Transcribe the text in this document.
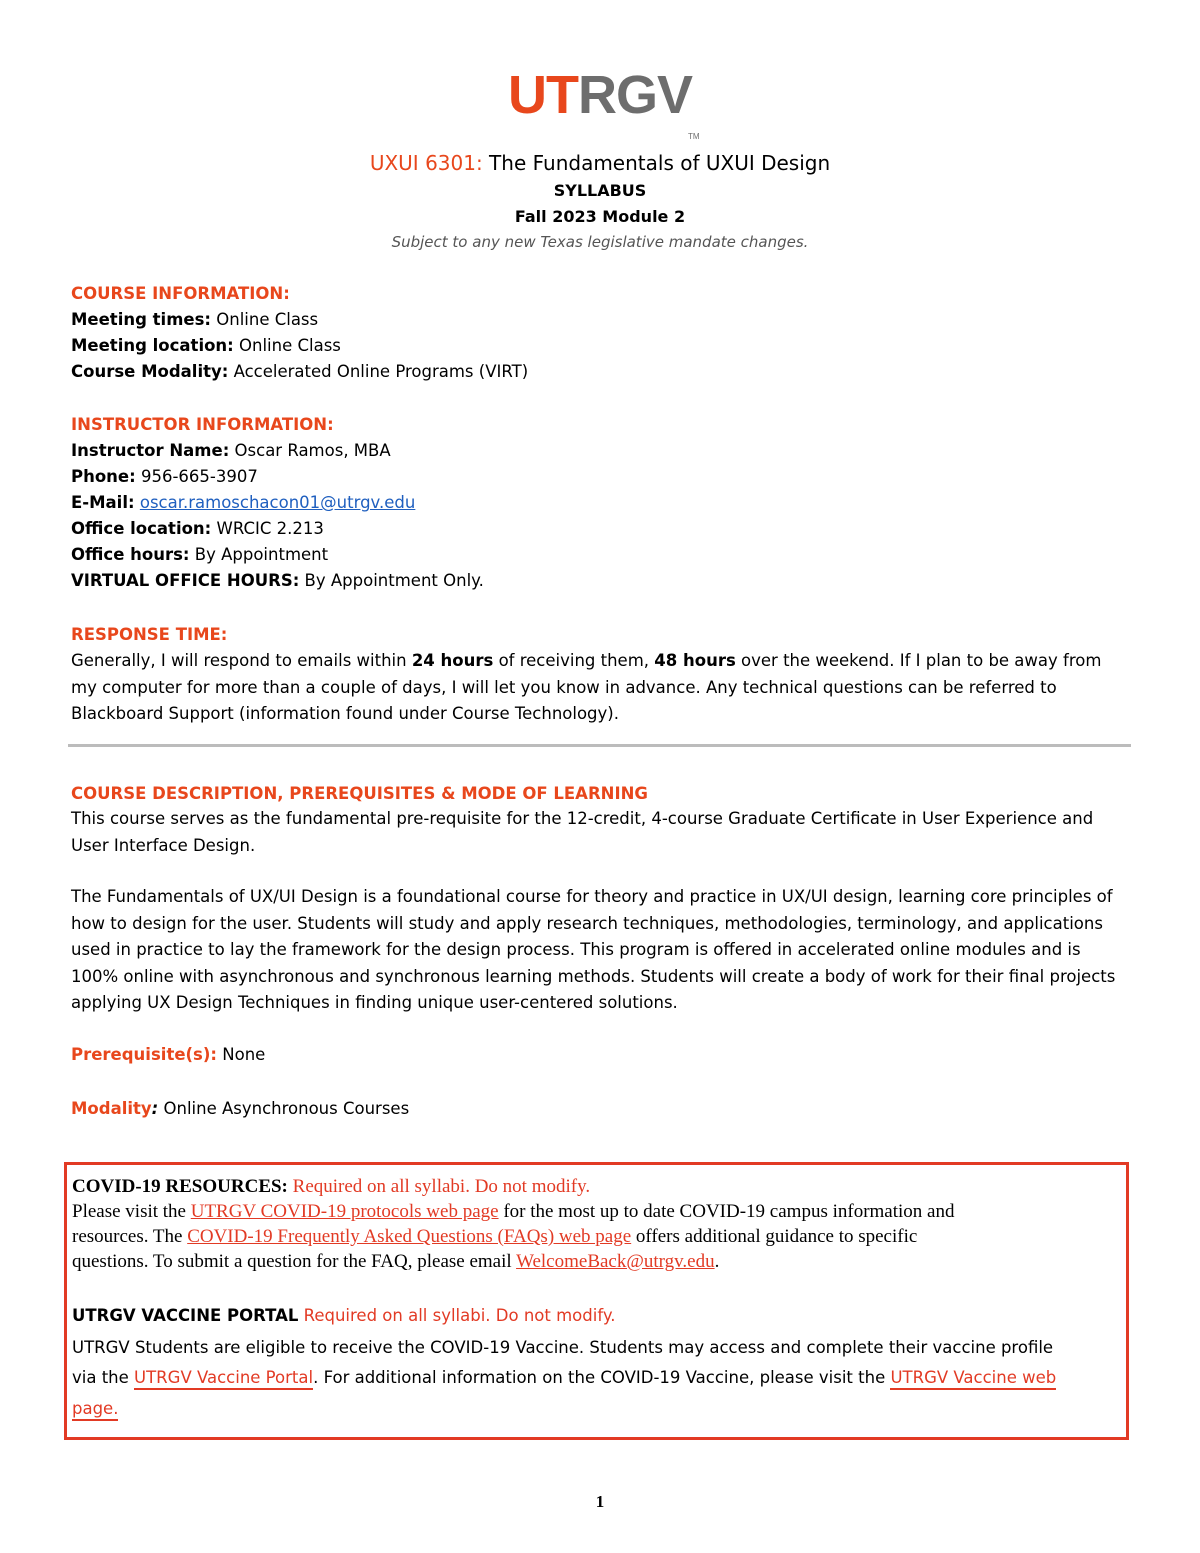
UTRGV
TM
UXUI 6301: The Fundamentals of UXUI Design
SYLLABUS
Fall 2023 Module 2
Subject to any new Texas legislative mandate changes.
COURSE INFORMATION:
Meeting times: Online Class
Meeting location: Online Class
Course Modality: Accelerated Online Programs (VIRT)
INSTRUCTOR INFORMATION:
Instructor Name: Oscar Ramos, MBA
Phone: 956-665-3907
E-Mail: oscar.ramoschacon01@utrgv.edu
Office location: WRCIC 2.213
Office hours: By Appointment
VIRTUAL OFFICE HOURS: By Appointment Only.
RESPONSE TIME:
Generally, I will respond to emails within 24 hours of receiving them, 48 hours over the weekend. If I plan to be away from my computer for more than a couple of days, I will let you know in advance. Any technical questions can be referred to Blackboard Support (information found under Course Technology).
COURSE DESCRIPTION, PREREQUISITES & MODE OF LEARNING
This course serves as the fundamental pre-requisite for the 12-credit, 4-course Graduate Certificate in User Experience and User Interface Design.
The Fundamentals of UX/UI Design is a foundational course for theory and practice in UX/UI design, learning core principles of how to design for the user. Students will study and apply research techniques, methodologies, terminology, and applications used in practice to lay the framework for the design process. This program is offered in accelerated online modules and is 100% online with asynchronous and synchronous learning methods. Students will create a body of work for their final projects applying UX Design Techniques in finding unique user-centered solutions.
Prerequisite(s): None
Modality: Online Asynchronous Courses
COVID-19 RESOURCES: Required on all syllabi. Do not modify.
Please visit the UTRGV COVID-19 protocols web page for the most up to date COVID-19 campus information and
resources. The COVID-19 Frequently Asked Questions (FAQs) web page offers additional guidance to specific
questions. To submit a question for the FAQ, please email WelcomeBack@utrgv.edu.
UTRGV VACCINE PORTAL Required on all syllabi. Do not modify.
UTRGV Students are eligible to receive the COVID-19 Vaccine. Students may access and complete their vaccine profile
via the UTRGV Vaccine Portal. For additional information on the COVID-19 Vaccine, please visit the UTRGV Vaccine web
page.
1
